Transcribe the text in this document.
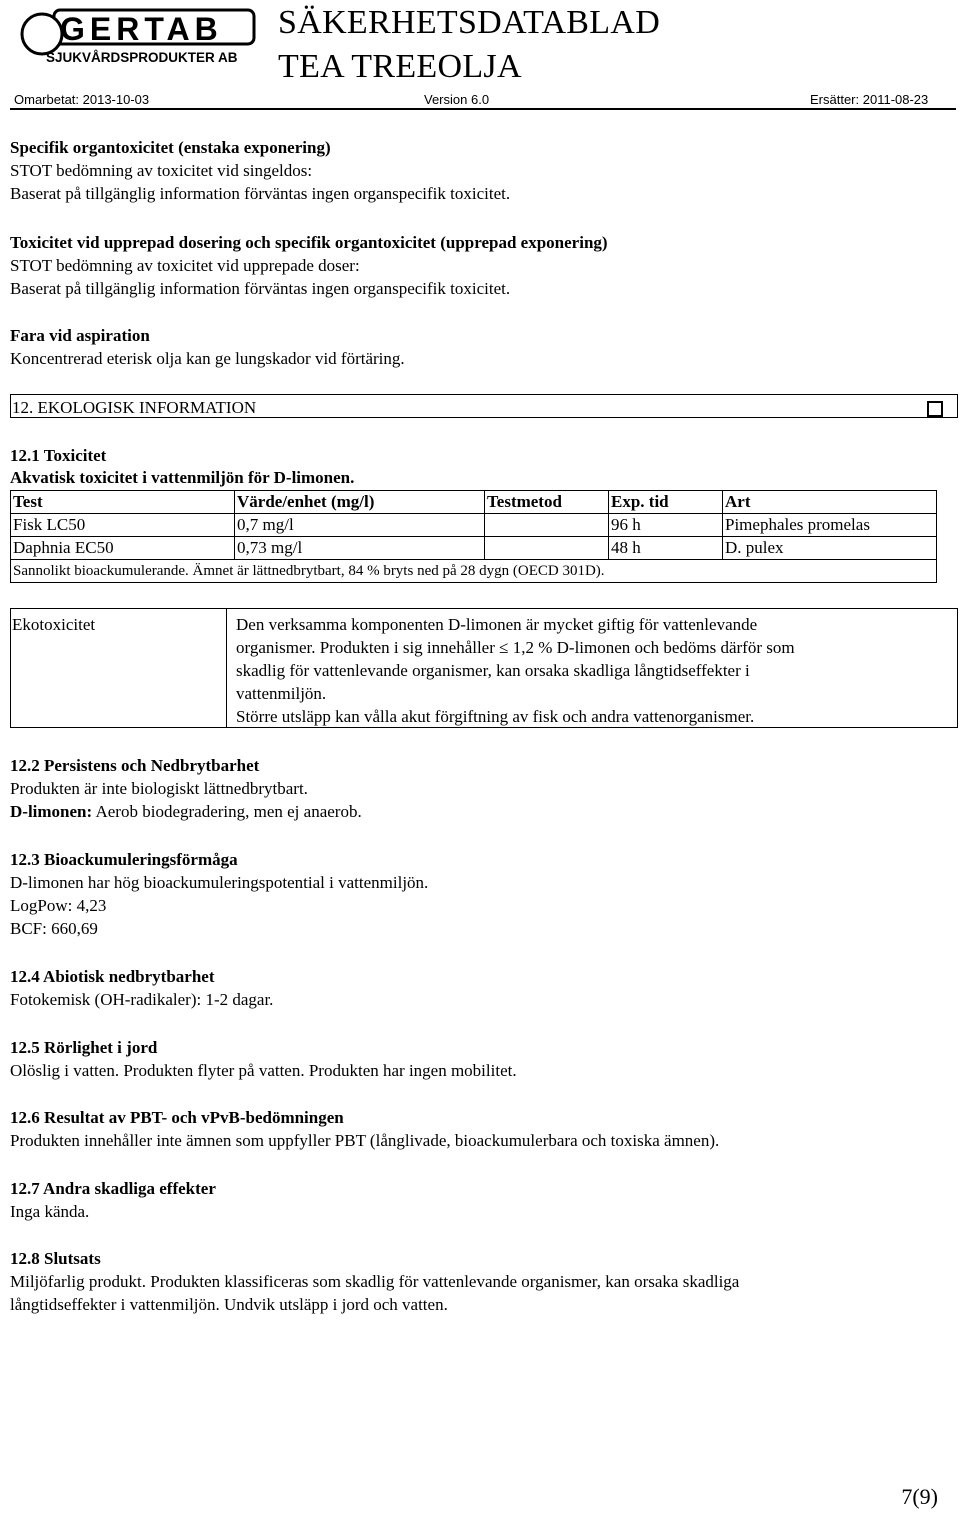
GERTAB
SJUKVÅRDSPRODUKTER AB
SÄKERHETSDATABLAD
TEA TREEOLJA
Omarbetat: 2013-10-03	Version 6.0	Ersätter: 2011-08-23
Specifik organtoxicitet (enstaka exponering)
STOT bedömning av toxicitet vid singeldos:
Baserat på tillgänglig information förväntas ingen organspecifik toxicitet.
Toxicitet vid upprepad dosering och specifik organtoxicitet (upprepad exponering)
STOT bedömning av toxicitet vid upprepade doser:
Baserat på tillgänglig information förväntas ingen organspecifik toxicitet.
Fara vid aspiration
Koncentrerad eterisk olja kan ge lungskador vid förtäring.
12. EKOLOGISK INFORMATION
12.1 Toxicitet
Akvatisk toxicitet i vattenmiljön för D-limonen.
Test	Värde/enhet (mg/l)	Testmetod	Exp. tid	Art
Fisk LC50	0,7 mg/l		96 h	Pimephales promelas
Daphnia EC50	0,73 mg/l		48 h	D. pulex
Sannolikt bioackumulerande. Ämnet är lättnedbrytbart, 84 % bryts ned på 28 dygn (OECD 301D).				
Ekotoxicitet	Den verksamma komponenten D-limonen är mycket giftig för vattenlevande
organismer. Produkten i sig innehåller ≤ 1,2 % D-limonen och bedöms därför som
skadlig för vattenlevande organismer, kan orsaka skadliga långtidseffekter i
vattenmiljön.
Större utsläpp kan vålla akut förgiftning av fisk och andra vattenorganismer.
12.2 Persistens och Nedbrytbarhet
Produkten är inte biologiskt lättnedbrytbart.
D-limonen: Aerob biodegradering, men ej anaerob.
12.3 Bioackumuleringsförmåga
D-limonen har hög bioackumuleringspotential i vattenmiljön.
LogPow: 4,23
BCF: 660,69
12.4 Abiotisk nedbrytbarhet
Fotokemisk (OH-radikaler): 1-2 dagar.
12.5 Rörlighet i jord
Olöslig i vatten. Produkten flyter på vatten. Produkten har ingen mobilitet.
12.6 Resultat av PBT- och vPvB-bedömningen
Produkten innehåller inte ämnen som uppfyller PBT (långlivade, bioackumulerbara och toxiska ämnen).
12.7 Andra skadliga effekter
Inga kända.
12.8 Slutsats
Miljöfarlig produkt. Produkten klassificeras som skadlig för vattenlevande organismer, kan orsaka skadliga
långtidseffekter i vattenmiljön. Undvik utsläpp i jord och vatten.
7(9)
